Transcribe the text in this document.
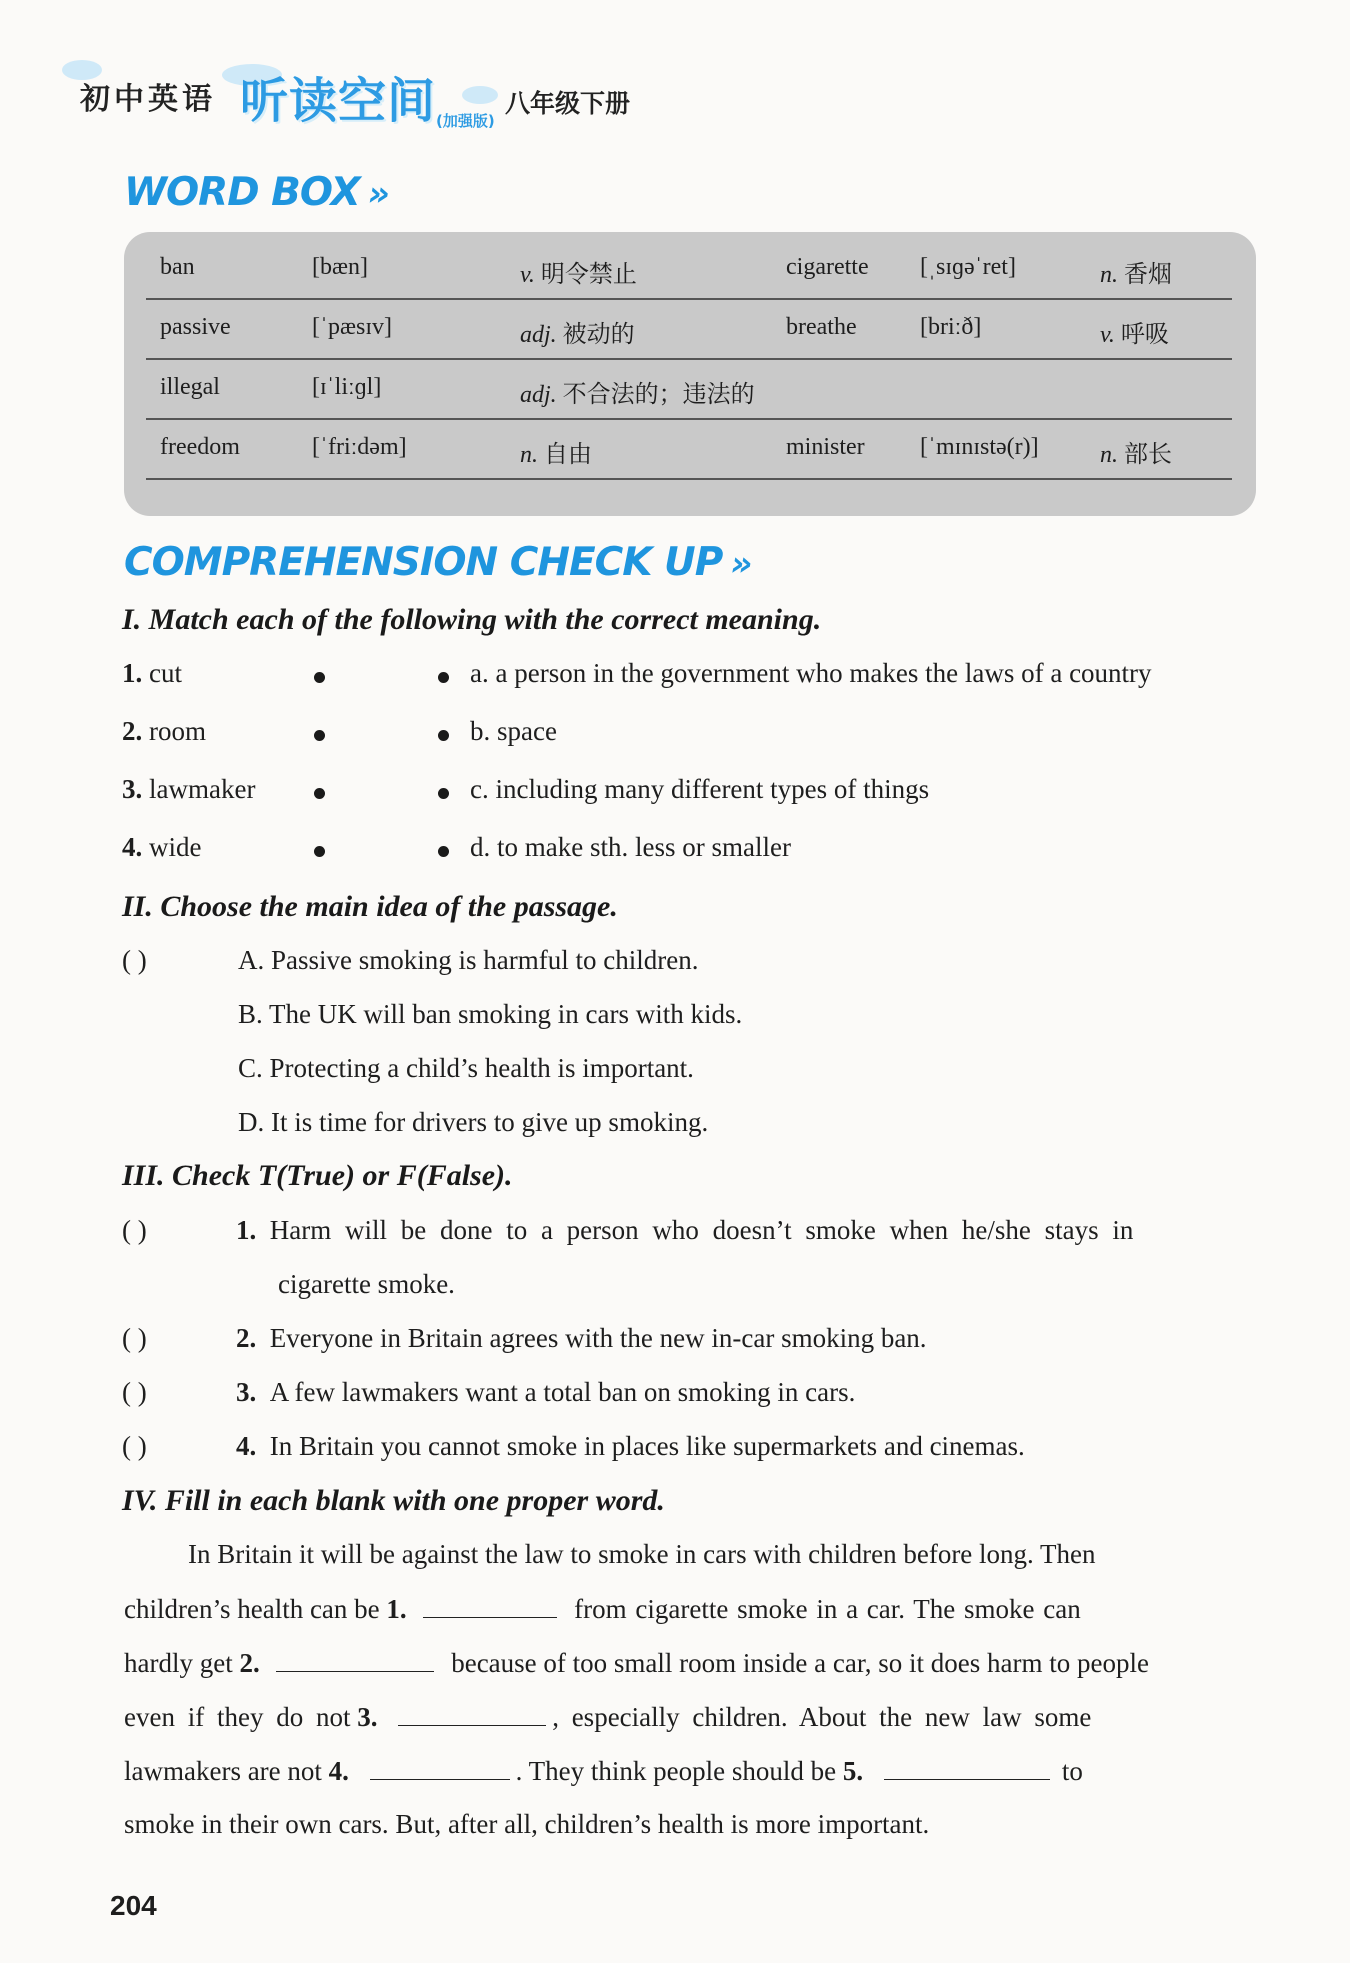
初中英语 听读空间 (加强版)
八年级下册
WORD BOX »
ban	[bæn]	v. 明令禁止	cigarette [ˌsɪɡəˈret]	n. 香烟
passive	[ˈpæsɪv]	adj. 被动的	breathe	[briːð]	v. 呼吸
illegal	[ɪˈliːɡl]	adj. 不合法的；违法的
freedom	[ˈfriːdəm]	n. 自由	minister [ˈmɪnɪstə(r)]	n. 部长
COMPREHENSION CHECK UP »
I. Match each of the following with the correct meaning.
1. cut
2. room
3. lawmaker
4. wide
a. a person in the government who makes the laws of a country
b. space
c. including many different types of things
d. to make sth. less or smaller
II. Choose the main idea of the passage.
( )	A. Passive smoking is harmful to children.
B. The UK will ban smoking in cars with kids.
C. Protecting a child’s health is important.
D. It is time for drivers to give up smoking.
III. Check T(True) or F(False).
( )	1. Harm will be done to a person who doesn’t smoke when he/she stays in
cigarette smoke.
( )	2. Everyone in Britain agrees with the new in-car smoking ban.
( )	3. A few lawmakers want a total ban on smoking in cars.
( )	4. In Britain you cannot smoke in places like supermarkets and cinemas.
IV. Fill in each blank with one proper word.
In Britain it will be against the law to smoke in cars with children before long. Then
children’s health can be 1.	from cigarette smoke in a car. The smoke can
hardly get 2.	because of too small room inside a car, so it does harm to people
even if they do not 3.	, especially children. About the new law some
lawmakers are not 4.	. They think people should be 5.	to
smoke in their own cars. But, after all, children’s health is more important.
204
